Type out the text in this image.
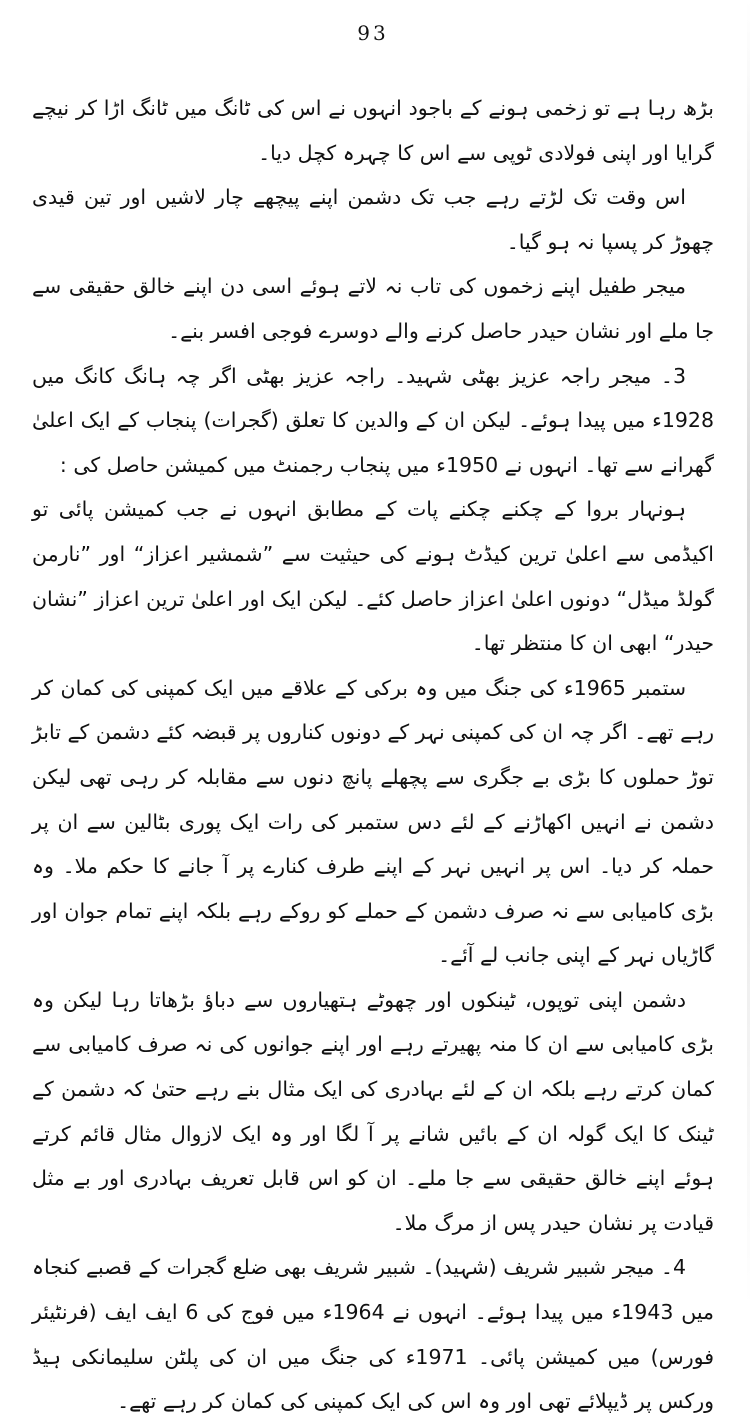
93

بڑھ رہا ہے تو زخمی ہونے کے باجود انہوں نے اس کی ٹانگ میں ٹانگ اڑا کر نیچے گرایا اور اپنی فولادی ٹوپی سے اس کا چہرہ کچل دیا۔

اس وقت تک لڑتے رہے جب تک دشمن اپنے پیچھے چار لاشیں اور تین قیدی چھوڑ کر پسپا نہ ہو گیا۔

میجر طفیل اپنے زخموں کی تاب نہ لاتے ہوئے اسی دن اپنے خالق حقیقی سے جا ملے اور نشان حیدر حاصل کرنے والے دوسرے فوجی افسر بنے۔

3۔ میجر راجہ عزیز بھٹی شہید۔ راجہ عزیز بھٹی اگر چہ ہانگ کانگ میں 1928ء میں پیدا ہوئے۔ لیکن ان کے والدین کا تعلق (گجرات) پنجاب کے ایک اعلیٰ گھرانے سے تھا۔ انہوں نے 1950ء میں پنجاب رجمنٹ میں کمیشن حاصل کی :

ہونہار بروا کے چکنے چکنے پات کے مطابق انہوں نے جب کمیشن پائی تو اکیڈمی سے اعلیٰ ترین کیڈٹ ہونے کی حیثیت سے ”شمشیر اعزاز“ اور ”نارمن گولڈ میڈل“ دونوں اعلیٰ اعزاز حاصل کئے۔ لیکن ایک اور اعلیٰ ترین اعزاز ”نشان حیدر“ ابھی ان کا منتظر تھا۔

ستمبر 1965ء کی جنگ میں وہ برکی کے علاقے میں ایک کمپنی کی کمان کر رہے تھے۔ اگر چہ ان کی کمپنی نہر کے دونوں کناروں پر قبضہ کئے دشمن کے تابڑ توڑ حملوں کا بڑی بے جگری سے پچھلے پانچ دنوں سے مقابلہ کر رہی تھی لیکن دشمن نے انہیں اکھاڑنے کے لئے دس ستمبر کی رات ایک پوری بٹالین سے ان پر حملہ کر دیا۔ اس پر انہیں نہر کے اپنے طرف کنارے پر آ جانے کا حکم ملا۔ وہ بڑی کامیابی سے نہ صرف دشمن کے حملے کو روکے رہے بلکہ اپنے تمام جوان اور گاڑیاں نہر کے اپنی جانب لے آئے۔

دشمن اپنی توپوں، ٹینکوں اور چھوٹے ہتھیاروں سے دباؤ بڑھاتا رہا لیکن وہ بڑی کامیابی سے ان کا منہ پھیرتے رہے اور اپنے جوانوں کی نہ صرف کامیابی سے کمان کرتے رہے بلکہ ان کے لئے بہادری کی ایک مثال بنے رہے حتیٰ کہ دشمن کے ٹینک کا ایک گولہ ان کے بائیں شانے پر آ لگا اور وہ ایک لازوال مثال قائم کرتے ہوئے اپنے خالق حقیقی سے جا ملے۔ ان کو اس قابل تعریف بہادری اور بے مثل قیادت پر نشان حیدر پس از مرگ ملا۔

4۔ میجر شبیر شریف (شہید)۔ شبیر شریف بھی ضلع گجرات کے قصبے کنجاہ میں 1943ء میں پیدا ہوئے۔ انہوں نے 1964ء میں فوج کی 6 ایف ایف (فرنٹیئر فورس) میں کمیشن پائی۔ 1971ء کی جنگ میں ان کی پلٹن سلیمانکی ہیڈ ورکس پر ڈیپلائے تھی اور وہ اس کی ایک کمپنی کی کمان کر رہے تھے۔
